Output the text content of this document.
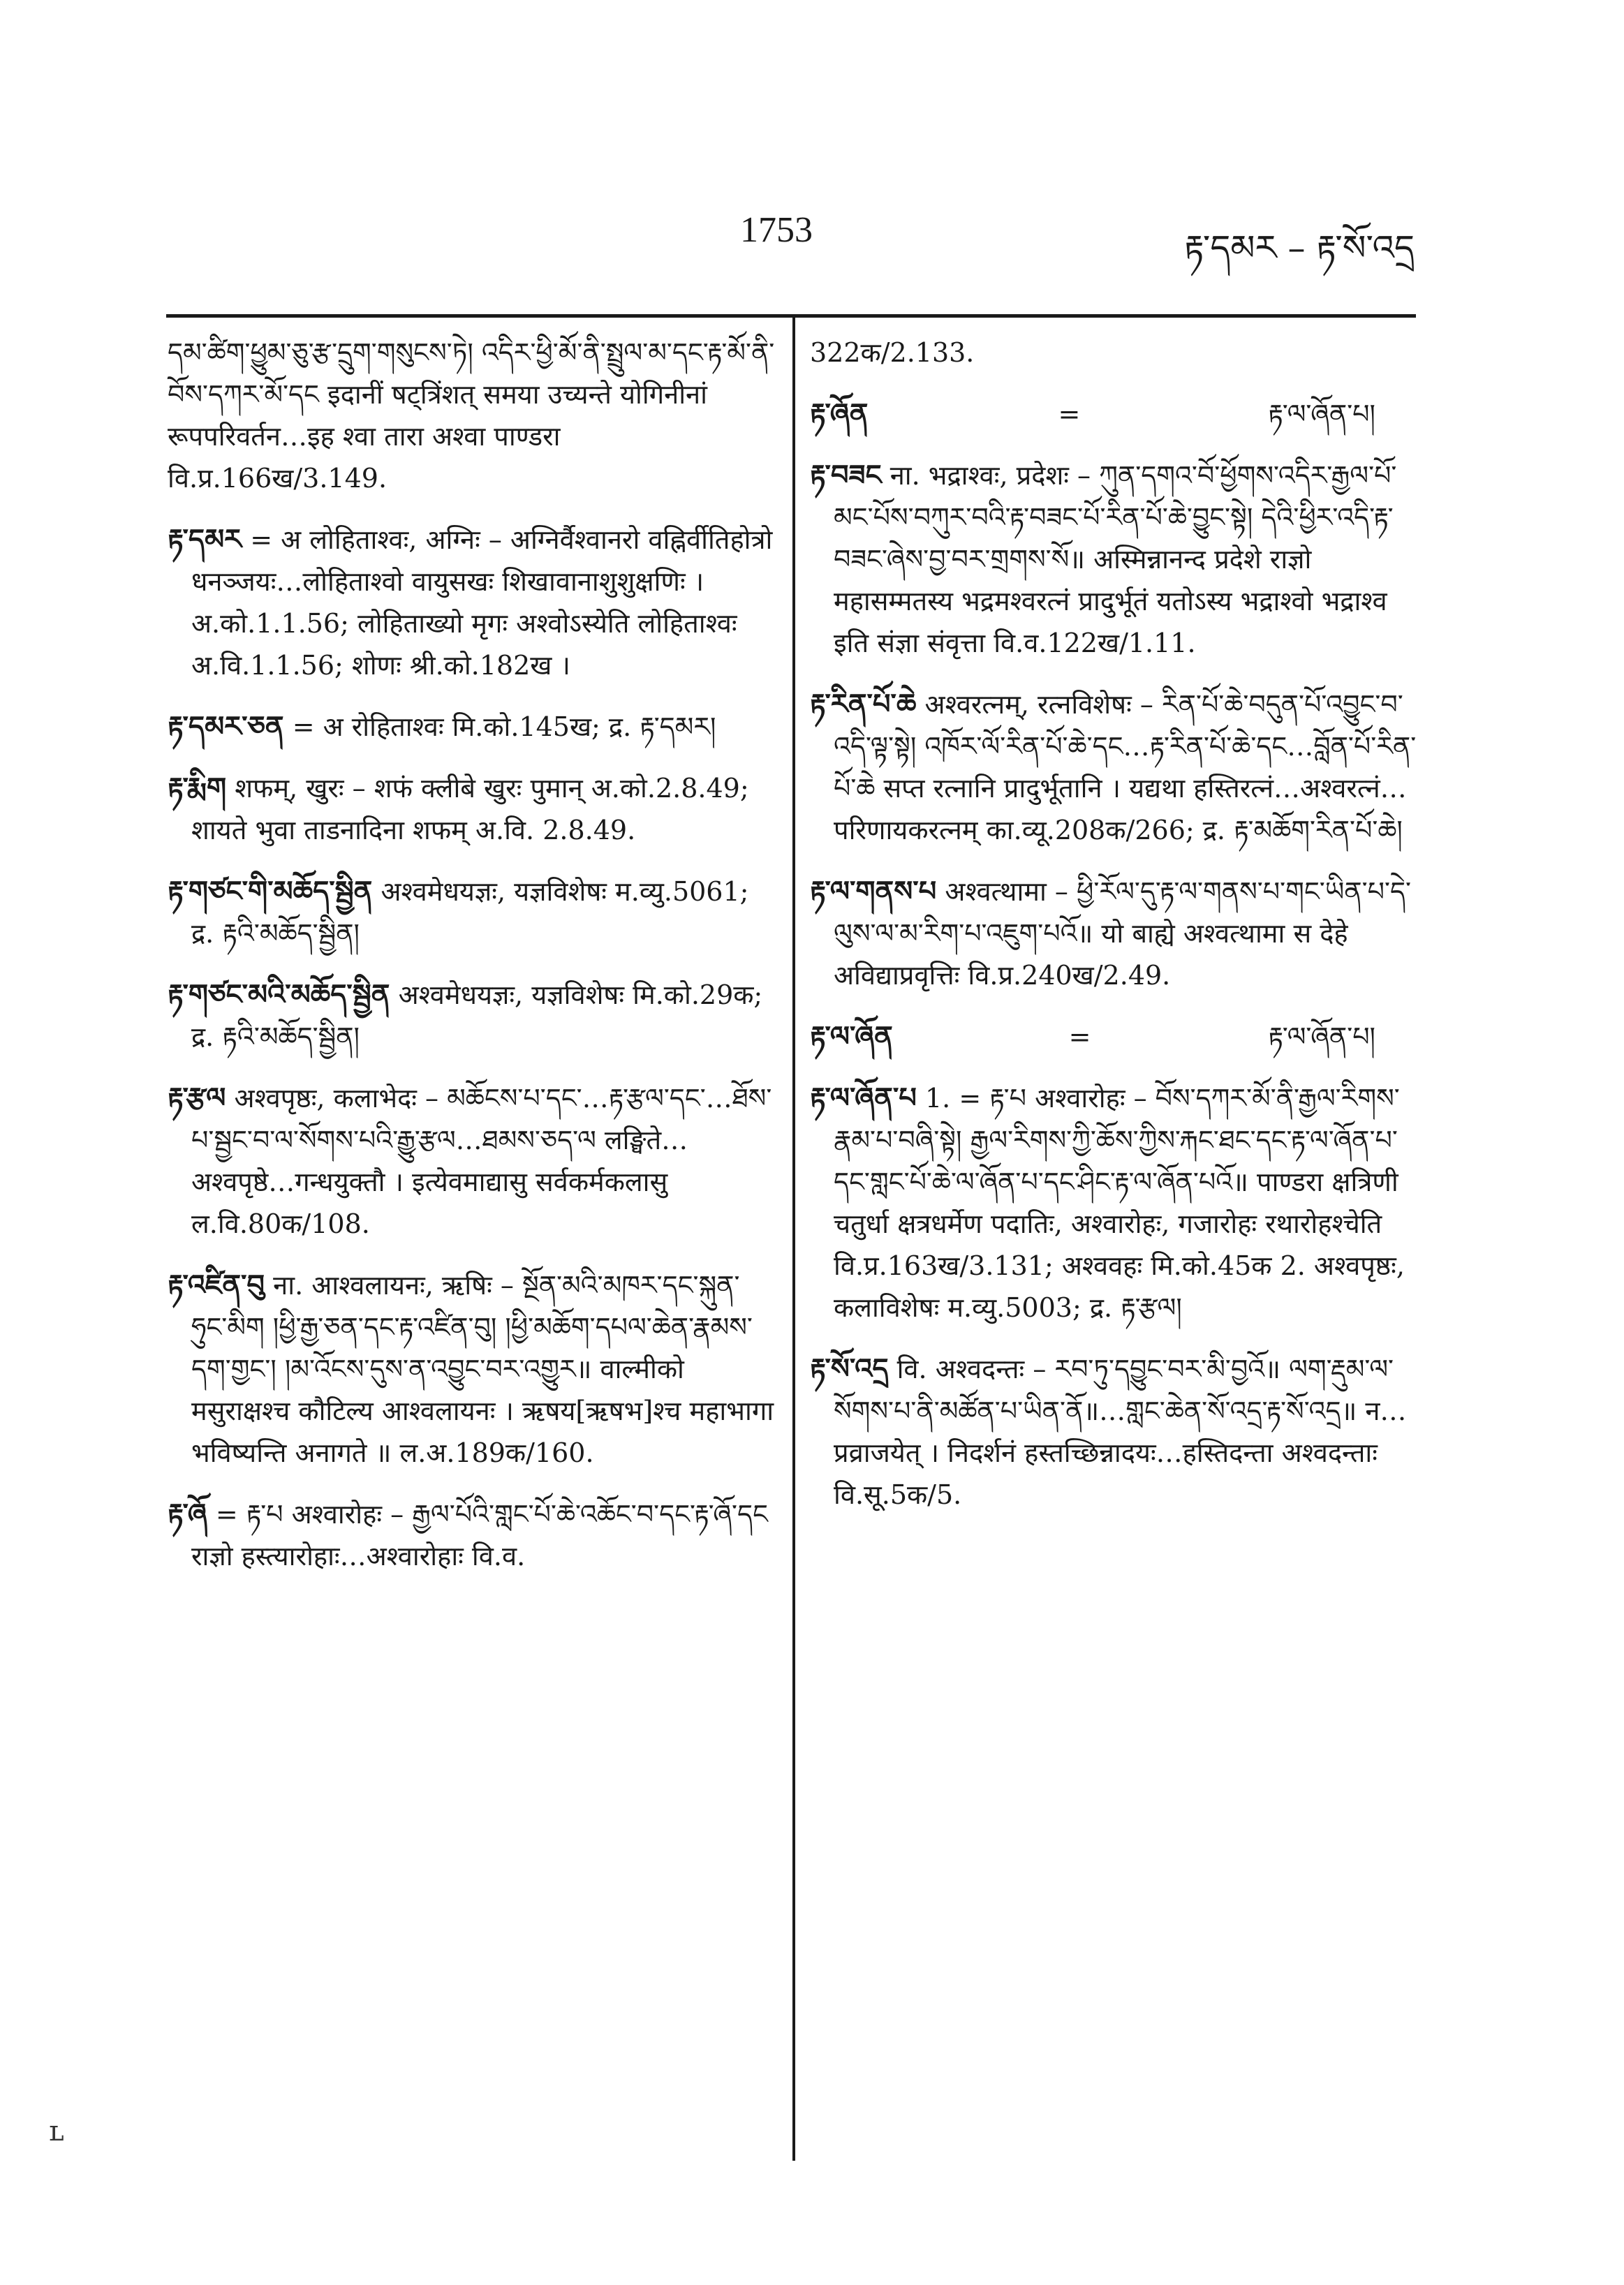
1753	རྟ་དམར – རྟ་སོ་འདྲ

དམ་ཚིག་ཕྱུམ་ཅུ་རྩ་དྲུག་གསུངས་ཏེ། འདིར་ཕྱི་མོ་ནི་སྤྲུལ་མ་དང་རྟ་མོ་ནི་བོས་དཀར་མོ་དང इदानीं षट्त्रिंशत् समया उच्यन्ते योगिनीनां रूपपरिवर्तन…इह श्वा तारा अश्वा पाण्डरा वि.प्र.166ख/3.149.

རྟ་དམར = अ लोहिताश्वः, अग्निः – अग्निर्वैश्वानरो वह्निर्वीतिहोत्रो धनञ्जयः…लोहिताश्वो वायुसखः शिखावानाशुशुक्षणिः । अ.को.1.1.56; लोहिताख्यो मृगः अश्वोऽस्येति लोहिताश्वः अ.वि.1.1.56; शोणः श्री.को.182ख ।

རྟ་དམར་ཅན = अ रोहिताश्वः मि.को.145ख; द्र. རྟ་དམར།

རྟ་རྨིག शफम्, खुरः – शफं क्लीबे खुरः पुमान् अ.को.2.8.49; शायते भुवा ताडनादिना शफम् अ.वि. 2.8.49.

རྟ་གཙང་གི་མཆོད་སྦྱིན अश्वमेधयज्ञः, यज्ञविशेषः म.व्यु.5061; द्र. རྟའི་མཆོད་སྦྱིན།

རྟ་གཙང་མའི་མཆོད་སྦྱིན अश्वमेधयज्ञः, यज्ञविशेषः मि.को.29क; द्र. རྟའི་མཆོད་སྦྱིན།

རྟ་རྩལ अश्वपृष्ठः, कलाभेदः – མཆོངས་པ་དང་…རྟ་རྩལ་དང་…ཐོས་པ་སྦྱང་བ་ལ་སོགས་པའི་རྒྱུ་རྩལ…ཐམས་ཅད་ལ लङ्घिते…अश्वपृष्ठे…गन्धयुक्तौ । इत्येवमाद्यासु सर्वकर्मकलासु ल.वि.80क/108.

རྟ་འཛིན་བུ ना. आश्वलायनः, ऋषिः – སྔོན་མའི་མཁར་དང་སྐུན་ཧུང་མིག །ཕྱི་རྒྱ་ཅན་དང་རྟ་འཛིན་བུ། །ཕྱི་མཆོག་དཔལ་ཆེན་རྣམས་དག་གྱང་། །མ་འོངས་དུས་ན་འབྱུང་བར་འགྱུར॥ वाल्मीको मसुराक्षश्च कौटिल्य आश्वलायनः । ऋषय[ऋषभ]श्च महाभागा भविष्यन्ति अनागते ॥ ल.अ.189क/160.

རྟ་ཞོ = རྟ་པ अश्वारोहः – རྒྱལ་པོའི་གླང་པོ་ཆེ་འཆོང་བ་དང་རྟ་ཞོ་དང राज्ञो हस्त्यारोहाः…अश्वारोहाः वि.व.

322क/2.133.

རྟ་ཞོན	=	རྟ་ལ་ཞོན་པ།

རྟ་བཟང ना. भद्राश्वः, प्रदेशः – ཀུན་དགའ་བོ་ཕྱོགས་འདིར་རྒྱལ་པོ་མང་པོས་བཀུར་བའི་རྟ་བཟང་པོ་རིན་པོ་ཆེ་བྱུང་སྟེ། དེའི་ཕྱིར་འདི་རྟ་བཟང་ཞེས་བྱ་བར་གྲགས་སོ॥ अस्मिन्नानन्द प्रदेशे राज्ञो महासम्मतस्य भद्रमश्वरत्नं प्रादुर्भूतं यतोऽस्य भद्राश्वो भद्राश्व इति संज्ञा संवृत्ता वि.व.122ख/1.11.

རྟ་རིན་པོ་ཆེ अश्वरत्नम्, रत्नविशेषः – རིན་པོ་ཆེ་བདུན་པོ་འབྱུང་བ་འདི་ལྟ་སྟེ། འཁོར་ལོ་རིན་པོ་ཆེ་དང…རྟ་རིན་པོ་ཆེ་དང…བློན་པོ་རིན་པོ་ཆེ सप्त रत्नानि प्रादुर्भूतानि । यद्यथा हस्तिरत्नं…अश्वरत्नं…परिणायकरत्नम् का.व्यू.208क/266; द्र. རྟ་མཆོག་རིན་པོ་ཆེ།

རྟ་ལ་གནས་པ अश्वत्थामा – ཕྱི་རོལ་དུ་རྟ་ལ་གནས་པ་གང་ཡིན་པ་དེ་ལུས་ལ་མ་རིག་པ་འཇུག་པའོ॥ यो बाह्ये अश्वत्थामा स देहे अविद्याप्रवृत्तिः वि.प्र.240ख/2.49.

རྟ་ལ་ཞོན	=	རྟ་ལ་ཞོན་པ།

རྟ་ལ་ཞོན་པ 1. = རྟ་པ अश्वारोहः – བོས་དཀར་མོ་ནི་རྒྱལ་རིགས་རྣམ་པ་བཞི་སྟེ། རྒྱལ་རིགས་ཀྱི་ཆོས་ཀྱིས་རྐང་ཐང་དང་རྟ་ལ་ཞོན་པ་དང་གླང་པོ་ཆེ་ལ་ཞོན་པ་དང་ཤིང་རྟ་ལ་ཞོན་པའོ॥ पाण्डरा क्षत्रिणी चतुर्धा क्षत्रधर्मेण पदातिः, अश्वारोहः, गजारोहः रथारोहश्चेति वि.प्र.163ख/3.131; अश्ववहः मि.को.45क 2. अश्वपृष्ठः, कलाविशेषः म.व्यु.5003; द्र. རྟ་རྩལ།

རྟ་སོ་འདྲ वि. अश्वदन्तः – རབ་ཏུ་དབྱུང་བར་མི་བྱའོ॥ ལག་རྡུམ་ལ་སོགས་པ་ནི་མཚོན་པ་ཡིན་ནོ॥…གླང་ཆེན་སོ་འདྲ་རྟ་སོ་འདྲ॥ न…प्रव्राजयेत् । निदर्शनं हस्तच्छिन्नादयः…हस्तिदन्ता अश्वदन्ताः वि.सू.5क/5.

ʟ
